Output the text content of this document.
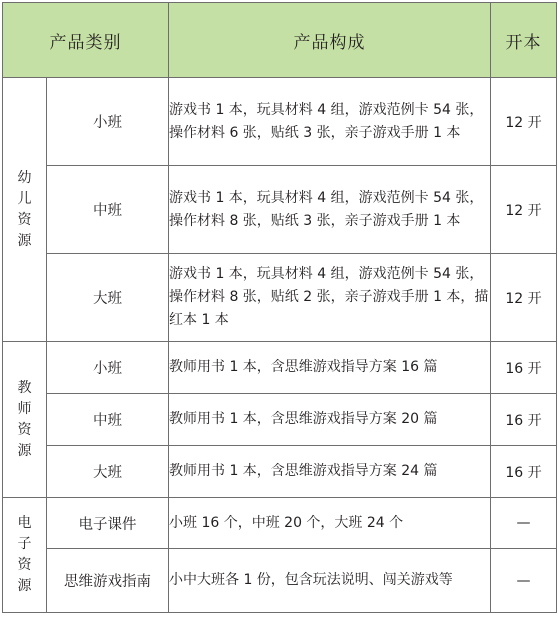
产品类别		产品构成	开本
幼儿资源	小班	游戏书 1 本，玩具材料 4 组，游戏范例卡 54 张，操作材料 6 张，贴纸 3 张，亲子游戏手册 1 本	12 开
	中班	游戏书 1 本，玩具材料 4 组，游戏范例卡 54 张，操作材料 8 张，贴纸 3 张，亲子游戏手册 1 本	12 开
	大班	游戏书 1 本，玩具材料 4 组，游戏范例卡 54 张，操作材料 8 张，贴纸 2 张，亲子游戏手册 1 本，描红本 1 本	12 开
教师资源	小班	教师用书 1 本，含思维游戏指导方案 16 篇	16 开
	中班	教师用书 1 本，含思维游戏指导方案 20 篇	16 开
	大班	教师用书 1 本，含思维游戏指导方案 24 篇	16 开
电子资源	电子课件	小班 16 个，中班 20 个，大班 24 个	—
	思维游戏指南	小中大班各 1 份，包含玩法说明、闯关游戏等	—
